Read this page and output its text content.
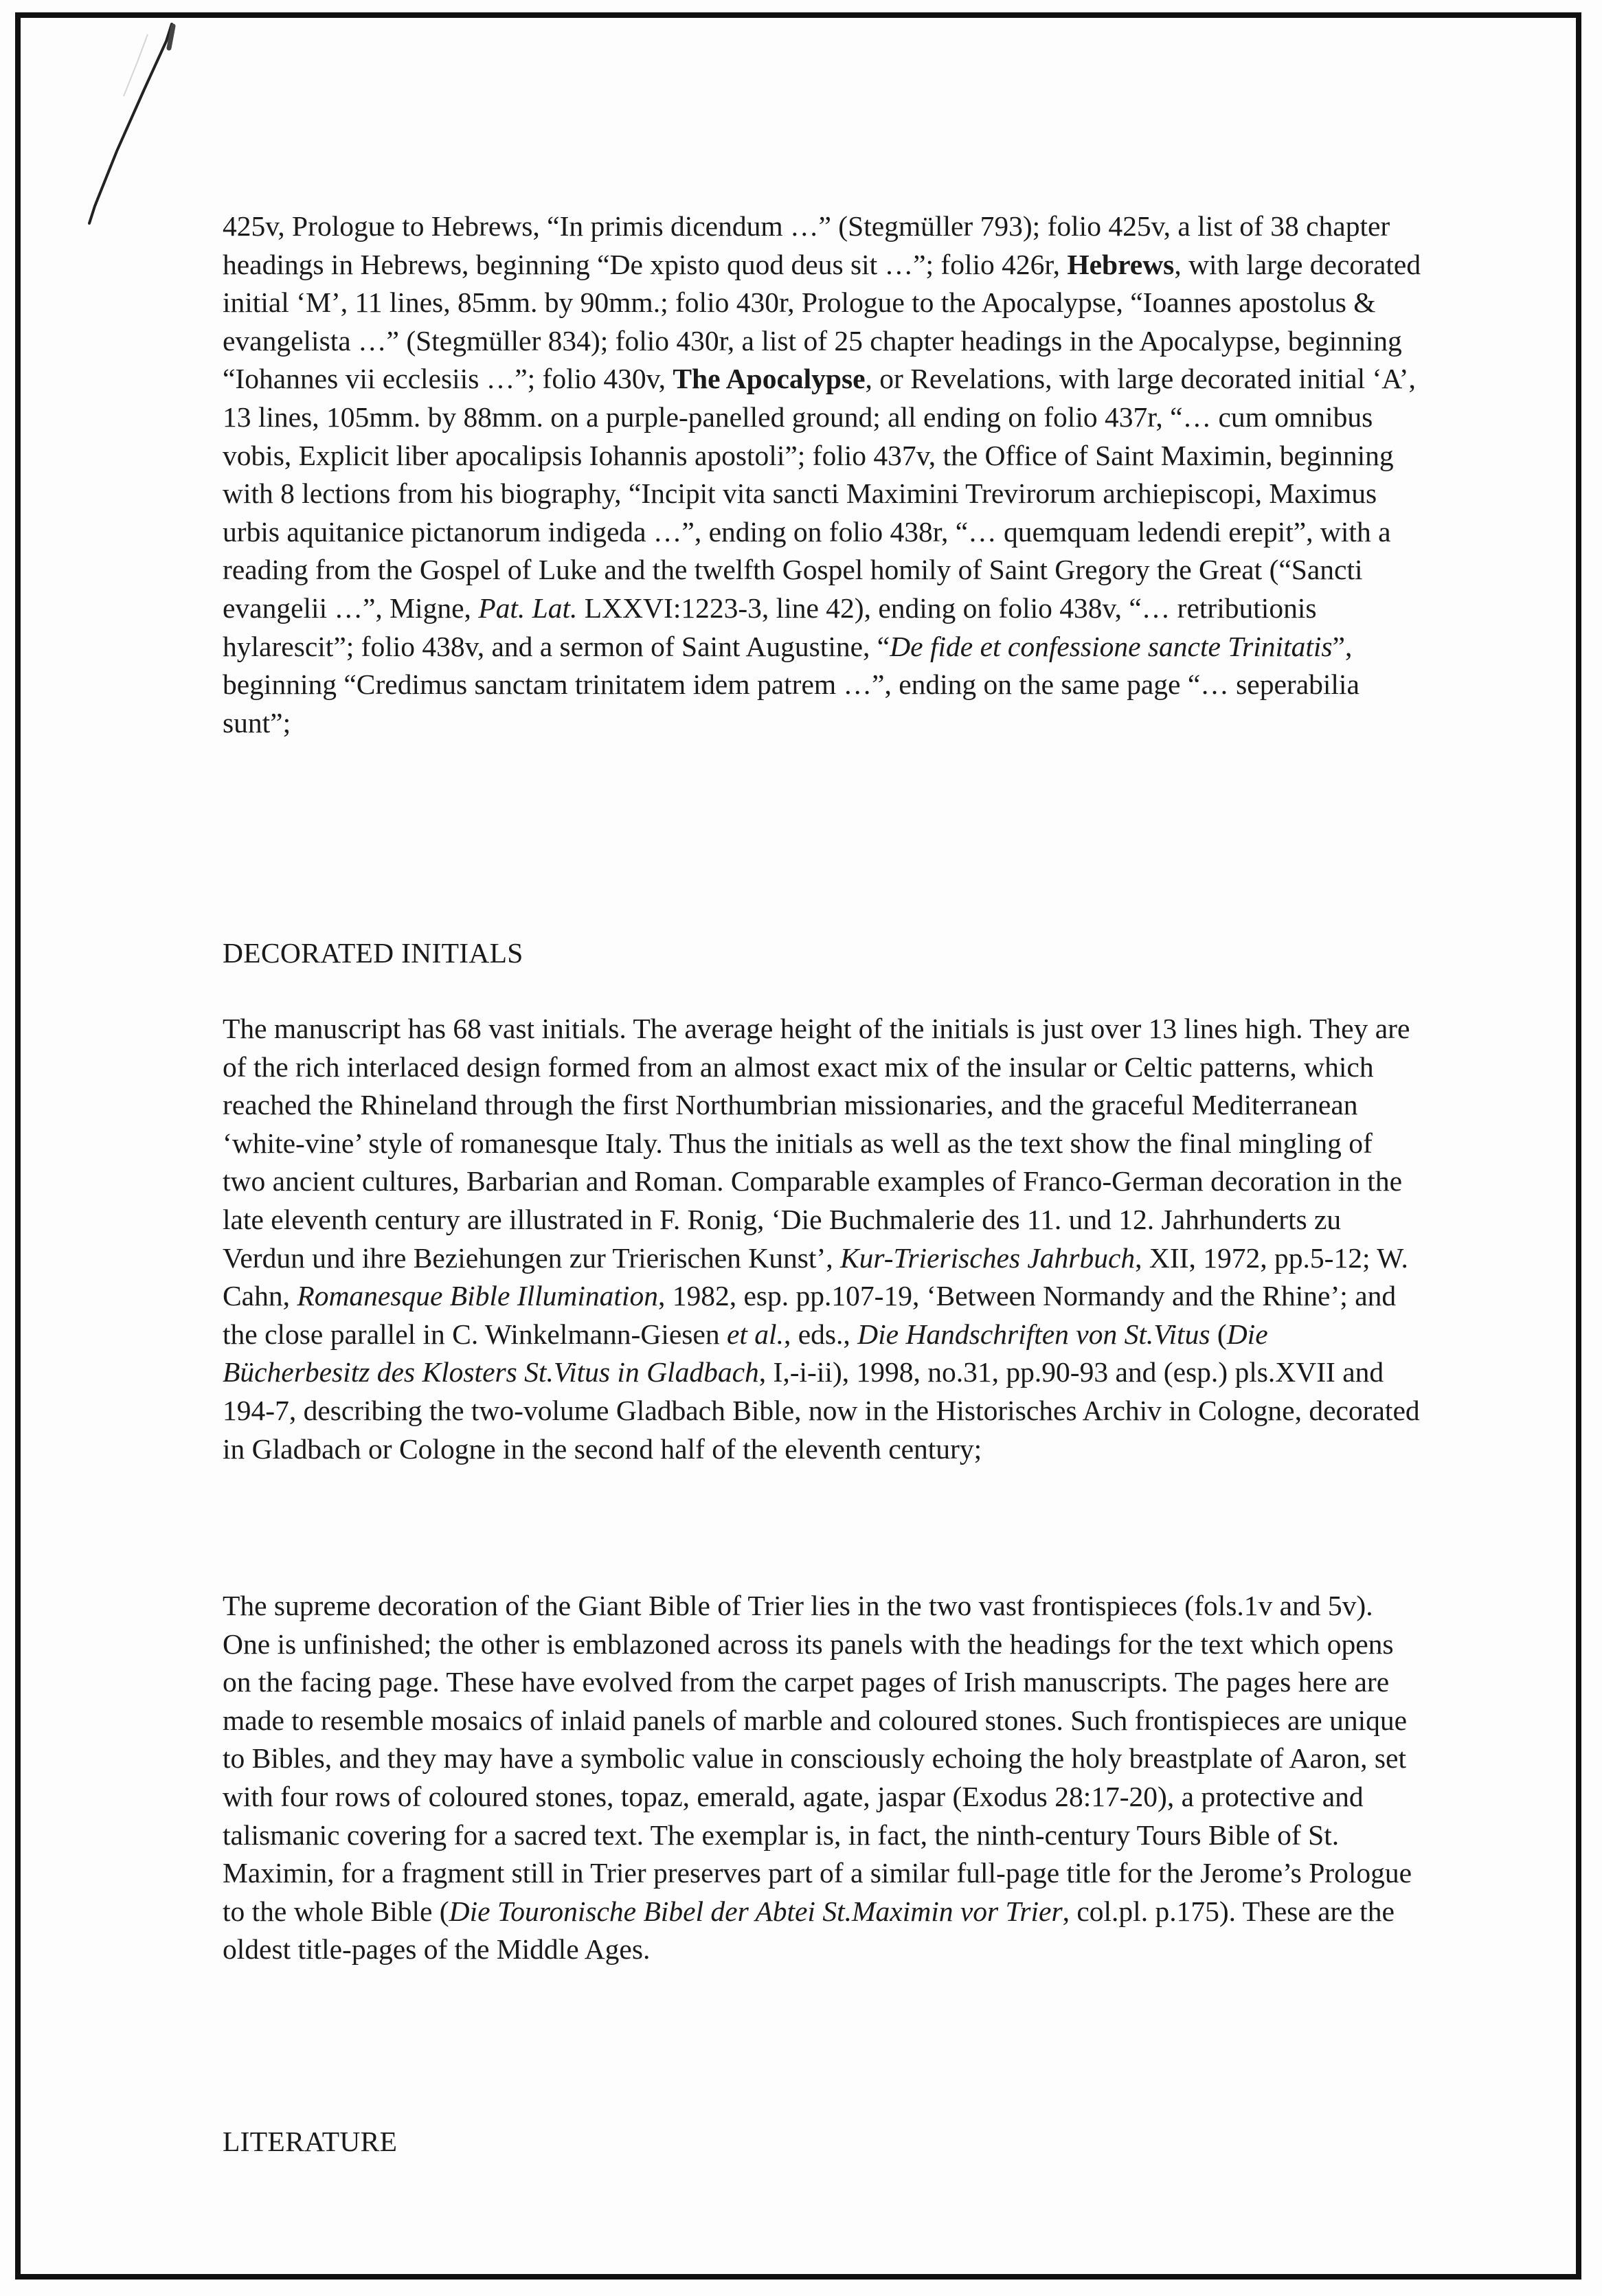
425v, Prologue to Hebrews, “In primis dicendum …” (Stegmüller 793); folio 425v, a list of 38 chapter headings in Hebrews, beginning “De xpisto quod deus sit …”; folio 426r, Hebrews, with large decorated initial ‘M’, 11 lines, 85mm. by 90mm.; folio 430r, Prologue to the Apocalypse, “Ioannes apostolus & evangelista …” (Stegmüller 834); folio 430r, a list of 25 chapter headings in the Apocalypse, beginning “Iohannes vii ecclesiis …”; folio 430v, The Apocalypse, or Revelations, with large decorated initial ‘A’, 13 lines, 105mm. by 88mm. on a purple-panelled ground; all ending on folio 437r, “… cum omnibus vobis, Explicit liber apocalipsis Iohannis apostoli”; folio 437v, the Office of Saint Maximin, beginning with 8 lections from his biography, “Incipit vita sancti Maximini Trevirorum archiepiscopi, Maximus urbis aquitanice pictanorum indigeda …”, ending on folio 438r, “… quemquam ledendi erepit”, with a reading from the Gospel of Luke and the twelfth Gospel homily of Saint Gregory the Great (“Sancti evangelii …”, Migne, Pat. Lat. LXXVI:1223-3, line 42), ending on folio 438v, “… retributionis hylarescit”; folio 438v, and a sermon of Saint Augustine, “De fide et confessione sancte Trinitatis”, beginning “Credimus sanctam trinitatem idem patrem …”, ending on the same page “… seperabilia sunt”;

DECORATED INITIALS

The manuscript has 68 vast initials. The average height of the initials is just over 13 lines high. They are of the rich interlaced design formed from an almost exact mix of the insular or Celtic patterns, which reached the Rhineland through the first Northumbrian missionaries, and the graceful Mediterranean ‘white-vine’ style of romanesque Italy. Thus the initials as well as the text show the final mingling of two ancient cultures, Barbarian and Roman. Comparable examples of Franco-German decoration in the late eleventh century are illustrated in F. Ronig, ‘Die Buchmalerie des 11. und 12. Jahrhunderts zu Verdun und ihre Beziehungen zur Trierischen Kunst’, Kur-Trierisches Jahrbuch, XII, 1972, pp.5-12; W. Cahn, Romanesque Bible Illumination, 1982, esp. pp.107-19, ‘Between Normandy and the Rhine’; and the close parallel in C. Winkelmann-Giesen et al., eds., Die Handschriften von St.Vitus (Die Bücherbesitz des Klosters St.Vitus in Gladbach, I,-i-ii), 1998, no.31, pp.90-93 and (esp.) pls.XVII and 194-7, describing the two-volume Gladbach Bible, now in the Historisches Archiv in Cologne, decorated in Gladbach or Cologne in the second half of the eleventh century;

The supreme decoration of the Giant Bible of Trier lies in the two vast frontispieces (fols.1v and 5v). One is unfinished; the other is emblazoned across its panels with the headings for the text which opens on the facing page. These have evolved from the carpet pages of Irish manuscripts. The pages here are made to resemble mosaics of inlaid panels of marble and coloured stones. Such frontispieces are unique to Bibles, and they may have a symbolic value in consciously echoing the holy breastplate of Aaron, set with four rows of coloured stones, topaz, emerald, agate, jaspar (Exodus 28:17-20), a protective and talismanic covering for a sacred text. The exemplar is, in fact, the ninth-century Tours Bible of St. Maximin, for a fragment still in Trier preserves part of a similar full-page title for the Jerome’s Prologue to the whole Bible (Die Touronische Bibel der Abtei St.Maximin vor Trier, col.pl. p.175). These are the oldest title-pages of the Middle Ages.

LITERATURE
